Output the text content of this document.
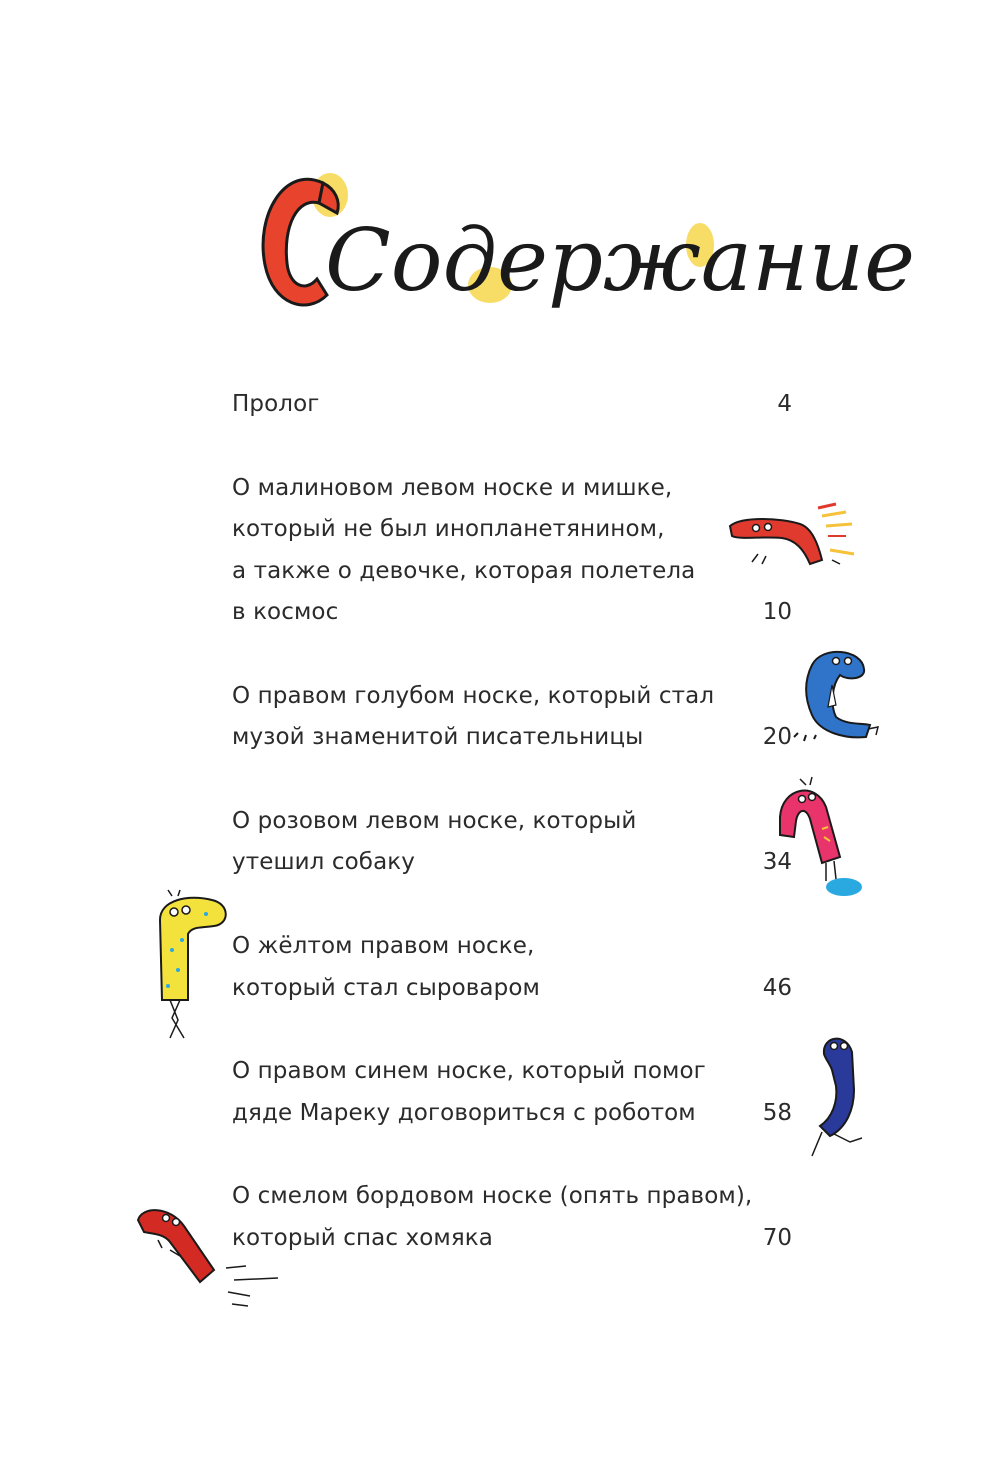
Содержание
Пролог	4
О малиновом левом носке и мишке,
который не был инопланетянином,
а также о девочке, которая полетела
в космос	10
О правом голубом носке, который стал
музой знаменитой писательницы	20
О розовом левом носке, который
утешил собаку	34
О жёлтом правом носке,
который стал сыроваром	46
О правом синем носке, который помог
дяде Мареку договориться с роботом	58
О смелом бордовом носке (опять правом),
который спас хомяка	70
